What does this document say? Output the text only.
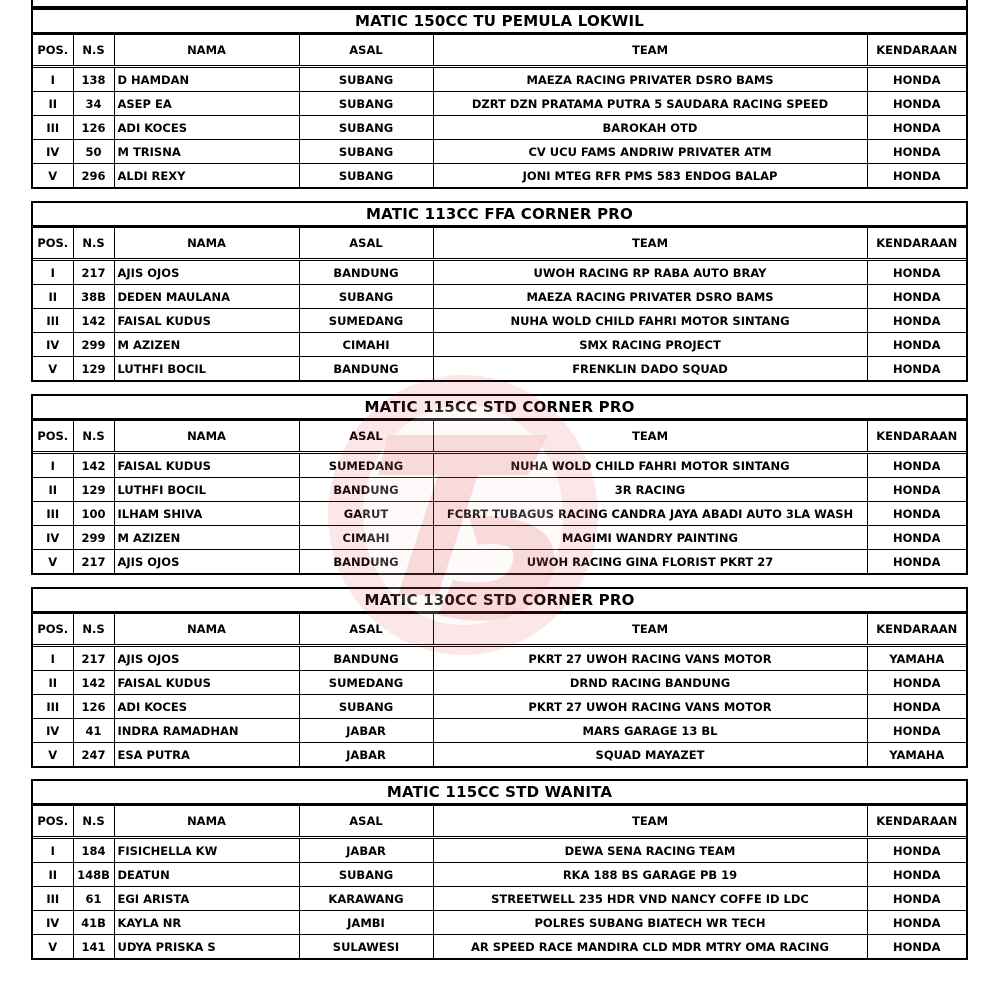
MATIC 150CC TU PEMULA LOKWIL
POS.	N.S	NAMA	ASAL	TEAM	KENDARAAN
I	138	D HAMDAN	SUBANG	MAEZA RACING PRIVATER DSRO BAMS	HONDA
II	34	ASEP EA	SUBANG	DZRT DZN PRATAMA PUTRA 5 SAUDARA RACING SPEED	HONDA
III	126	ADI KOCES	SUBANG	BAROKAH OTD	HONDA
IV	50	M TRISNA	SUBANG	CV UCU FAMS ANDRIW PRIVATER ATM	HONDA
V	296	ALDI REXY	SUBANG	JONI MTEG RFR PMS 583 ENDOG BALAP	HONDA
MATIC 113CC FFA CORNER PRO
POS.	N.S	NAMA	ASAL	TEAM	KENDARAAN
I	217	AJIS OJOS	BANDUNG	UWOH RACING RP RABA AUTO BRAY	HONDA
II	38B	DEDEN MAULANA	SUBANG	MAEZA RACING PRIVATER DSRO BAMS	HONDA
III	142	FAISAL KUDUS	SUMEDANG	NUHA WOLD CHILD FAHRI MOTOR SINTANG	HONDA
IV	299	M AZIZEN	CIMAHI	SMX RACING PROJECT	HONDA
V	129	LUTHFI BOCIL	BANDUNG	FRENKLIN DADO SQUAD	HONDA
MATIC 115CC STD CORNER PRO
POS.	N.S	NAMA	ASAL	TEAM	KENDARAAN
I	142	FAISAL KUDUS	SUMEDANG	NUHA WOLD CHILD FAHRI MOTOR SINTANG	HONDA
II	129	LUTHFI BOCIL	BANDUNG	3R RACING	HONDA
III	100	ILHAM SHIVA	GARUT	FCBRT TUBAGUS RACING CANDRA JAYA ABADI AUTO 3LA WASH	HONDA
IV	299	M AZIZEN	CIMAHI	MAGIMI WANDRY PAINTING	HONDA
V	217	AJIS OJOS	BANDUNG	UWOH RACING GINA FLORIST PKRT 27	HONDA
MATIC 130CC STD CORNER PRO
POS.	N.S	NAMA	ASAL	TEAM	KENDARAAN
I	217	AJIS OJOS	BANDUNG	PKRT 27 UWOH RACING VANS MOTOR	YAMAHA
II	142	FAISAL KUDUS	SUMEDANG	DRND RACING BANDUNG	HONDA
III	126	ADI KOCES	SUBANG	PKRT 27 UWOH RACING VANS MOTOR	HONDA
IV	41	INDRA RAMADHAN	JABAR	MARS GARAGE 13 BL	HONDA
V	247	ESA PUTRA	JABAR	SQUAD MAYAZET	YAMAHA
MATIC 115CC STD WANITA
POS.	N.S	NAMA	ASAL	TEAM	KENDARAAN
I	184	FISICHELLA KW	JABAR	DEWA SENA RACING TEAM	HONDA
II	148B	DEATUN	SUBANG	RKA 188 BS GARAGE PB 19	HONDA
III	61	EGI ARISTA	KARAWANG	STREETWELL 235 HDR VND NANCY COFFE ID LDC	HONDA
IV	41B	KAYLA NR	JAMBI	POLRES SUBANG BIATECH WR TECH	HONDA
V	141	UDYA PRISKA S	SULAWESI	AR SPEED RACE MANDIRA CLD MDR MTRY OMA RACING	HONDA
